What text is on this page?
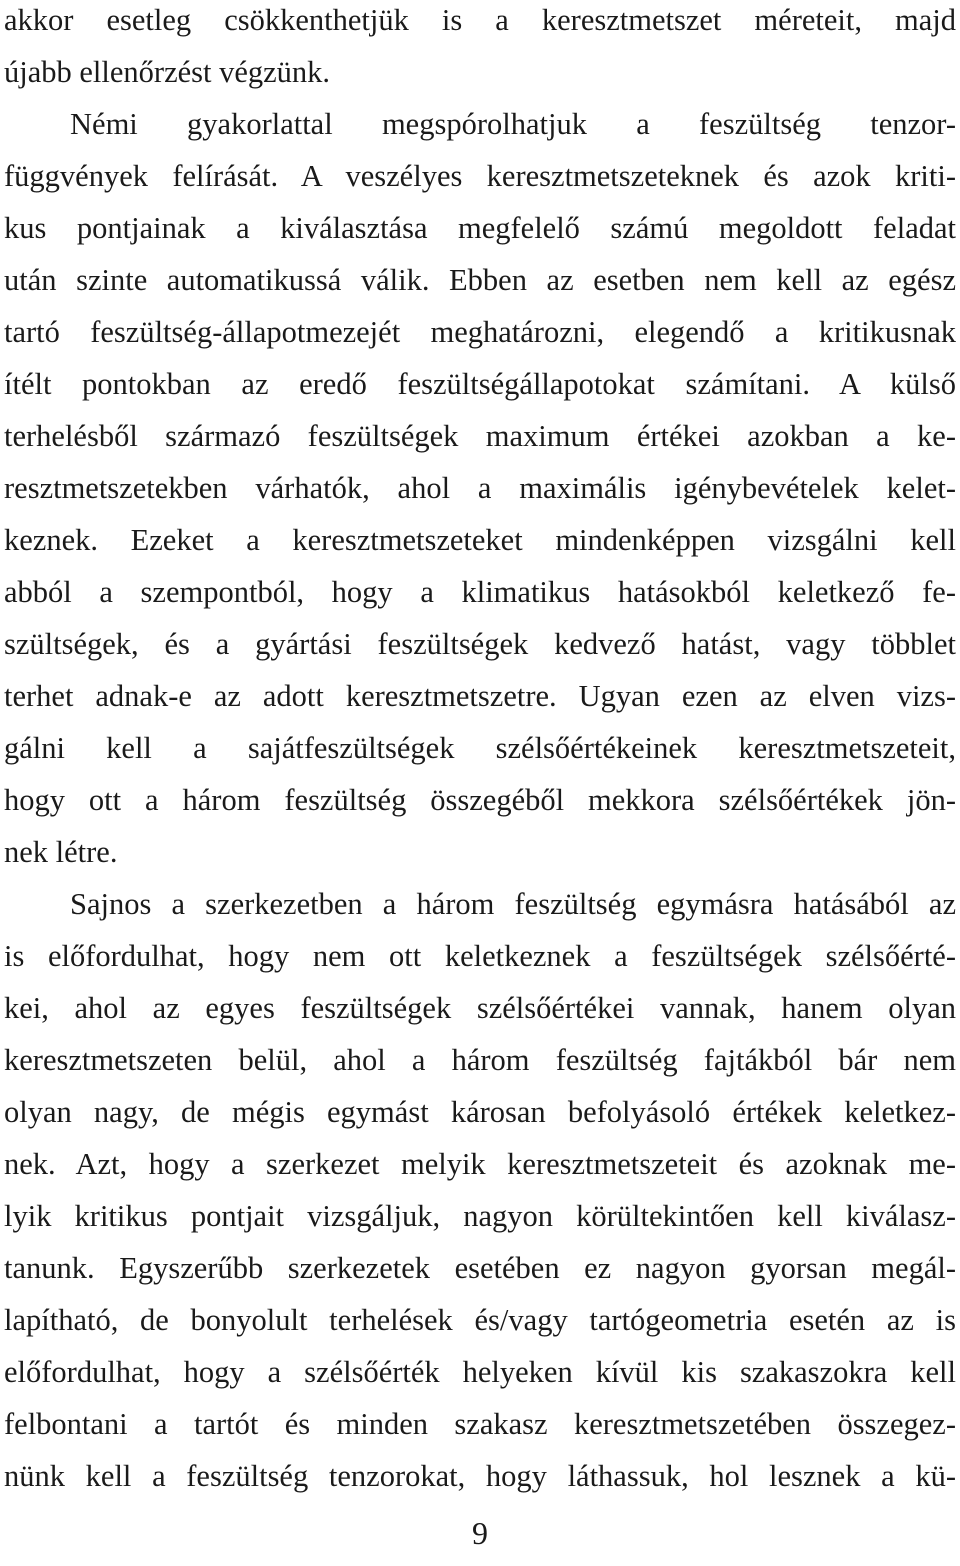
akkor esetleg csökkenthetjük is a keresztmetszet méreteit, majd
újabb ellenőrzést végzünk.
Némi gyakorlattal megspórolhatjuk a feszültség tenzor-
függvények felírását. A veszélyes keresztmetszeteknek és azok kriti-
kus pontjainak a kiválasztása megfelelő számú megoldott feladat
után szinte automatikussá válik. Ebben az esetben nem kell az egész
tartó feszültség-állapotmezejét meghatározni, elegendő a kritikusnak
ítélt pontokban az eredő feszültségállapotokat számítani. A külső
terhelésből származó feszültségek maximum értékei azokban a ke-
resztmetszetekben várhatók, ahol a maximális igénybevételek kelet-
keznek. Ezeket a keresztmetszeteket mindenképpen vizsgálni kell
abból a szempontból, hogy a klimatikus hatásokból keletkező fe-
szültségek, és a gyártási feszültségek kedvező hatást, vagy többlet
terhet adnak-e az adott keresztmetszetre. Ugyan ezen az elven vizs-
gálni kell a sajátfeszültségek szélsőértékeinek keresztmetszeteit,
hogy ott a három feszültség összegéből mekkora szélsőértékek jön-
nek létre.
Sajnos a szerkezetben a három feszültség egymásra hatásából az
is előfordulhat, hogy nem ott keletkeznek a feszültségek szélsőérté-
kei, ahol az egyes feszültségek szélsőértékei vannak, hanem olyan
keresztmetszeten belül, ahol a három feszültség fajtákból bár nem
olyan nagy, de mégis egymást károsan befolyásoló értékek keletkez-
nek. Azt, hogy a szerkezet melyik keresztmetszeteit és azoknak me-
lyik kritikus pontjait vizsgáljuk, nagyon körültekintően kell kiválasz-
tanunk. Egyszerűbb szerkezetek esetében ez nagyon gyorsan megál-
lapítható, de bonyolult terhelések és/vagy tartógeometria esetén az is
előfordulhat, hogy a szélsőérték helyeken kívül kis szakaszokra kell
felbontani a tartót és minden szakasz keresztmetszetében összegez-
nünk kell a feszültség tenzorokat, hogy láthassuk, hol lesznek a kü-
9
